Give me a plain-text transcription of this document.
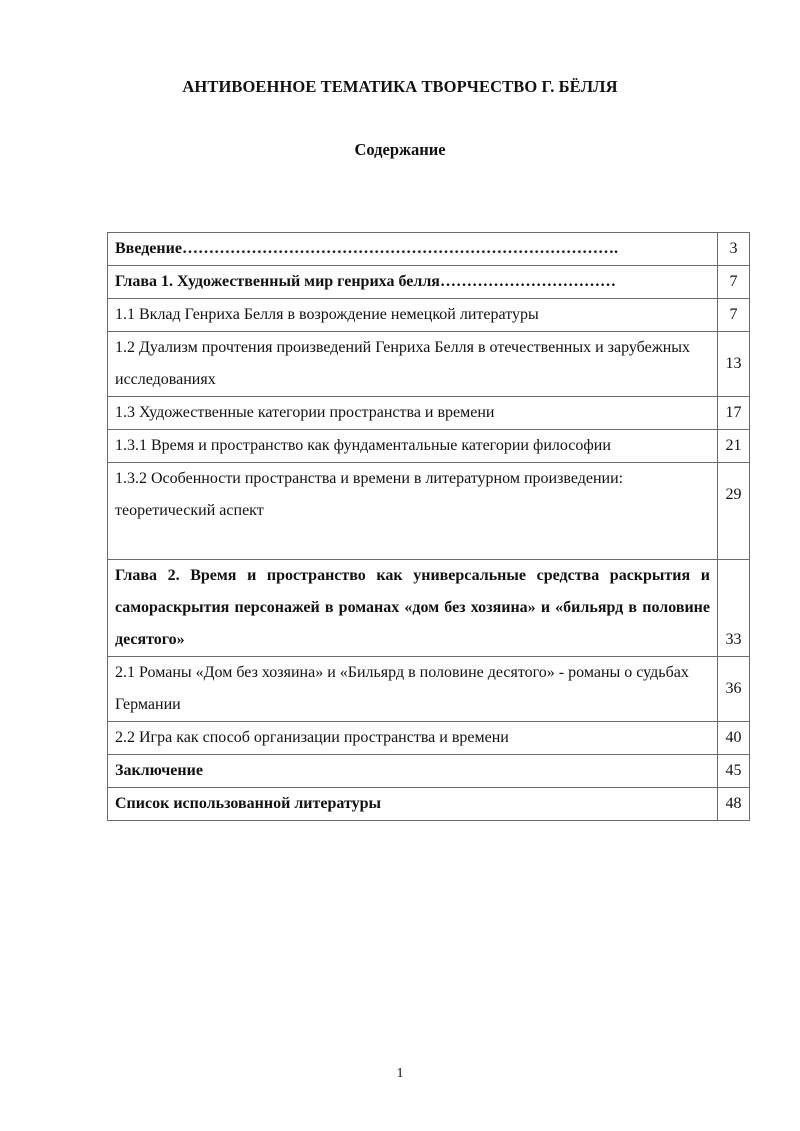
АНТИВОЕННОЕ ТЕМАТИКА ТВОРЧЕСТВО Г. БЁЛЛЯ
Содержание
Введение……………………………………………………………………….	3
Глава 1. Художественный мир генриха белля……………………………	7
1.1 Вклад Генриха Белля в возрождение немецкой литературы	7
1.2 Дуализм прочтения произведений Генриха Белля в отечественных и зарубежных исследованиях	13
1.3 Художественные категории пространства и времени	17
1.3.1 Время и пространство как фундаментальные категории философии	21
1.3.2 Особенности пространства и времени в литературном произведении: теоретический аспект	29
Глава 2. Время и пространство как универсальные средства раскрытия и самораскрытия персонажей в романах «дом без хозяина» и «бильярд в половине десятого»	33
2.1 Романы «Дом без хозяина» и «Бильярд в половине десятого» - романы о судьбах Германии	36
2.2 Игра как способ организации пространства и времени	40
Заключение	45
Список использованной литературы	48
1
